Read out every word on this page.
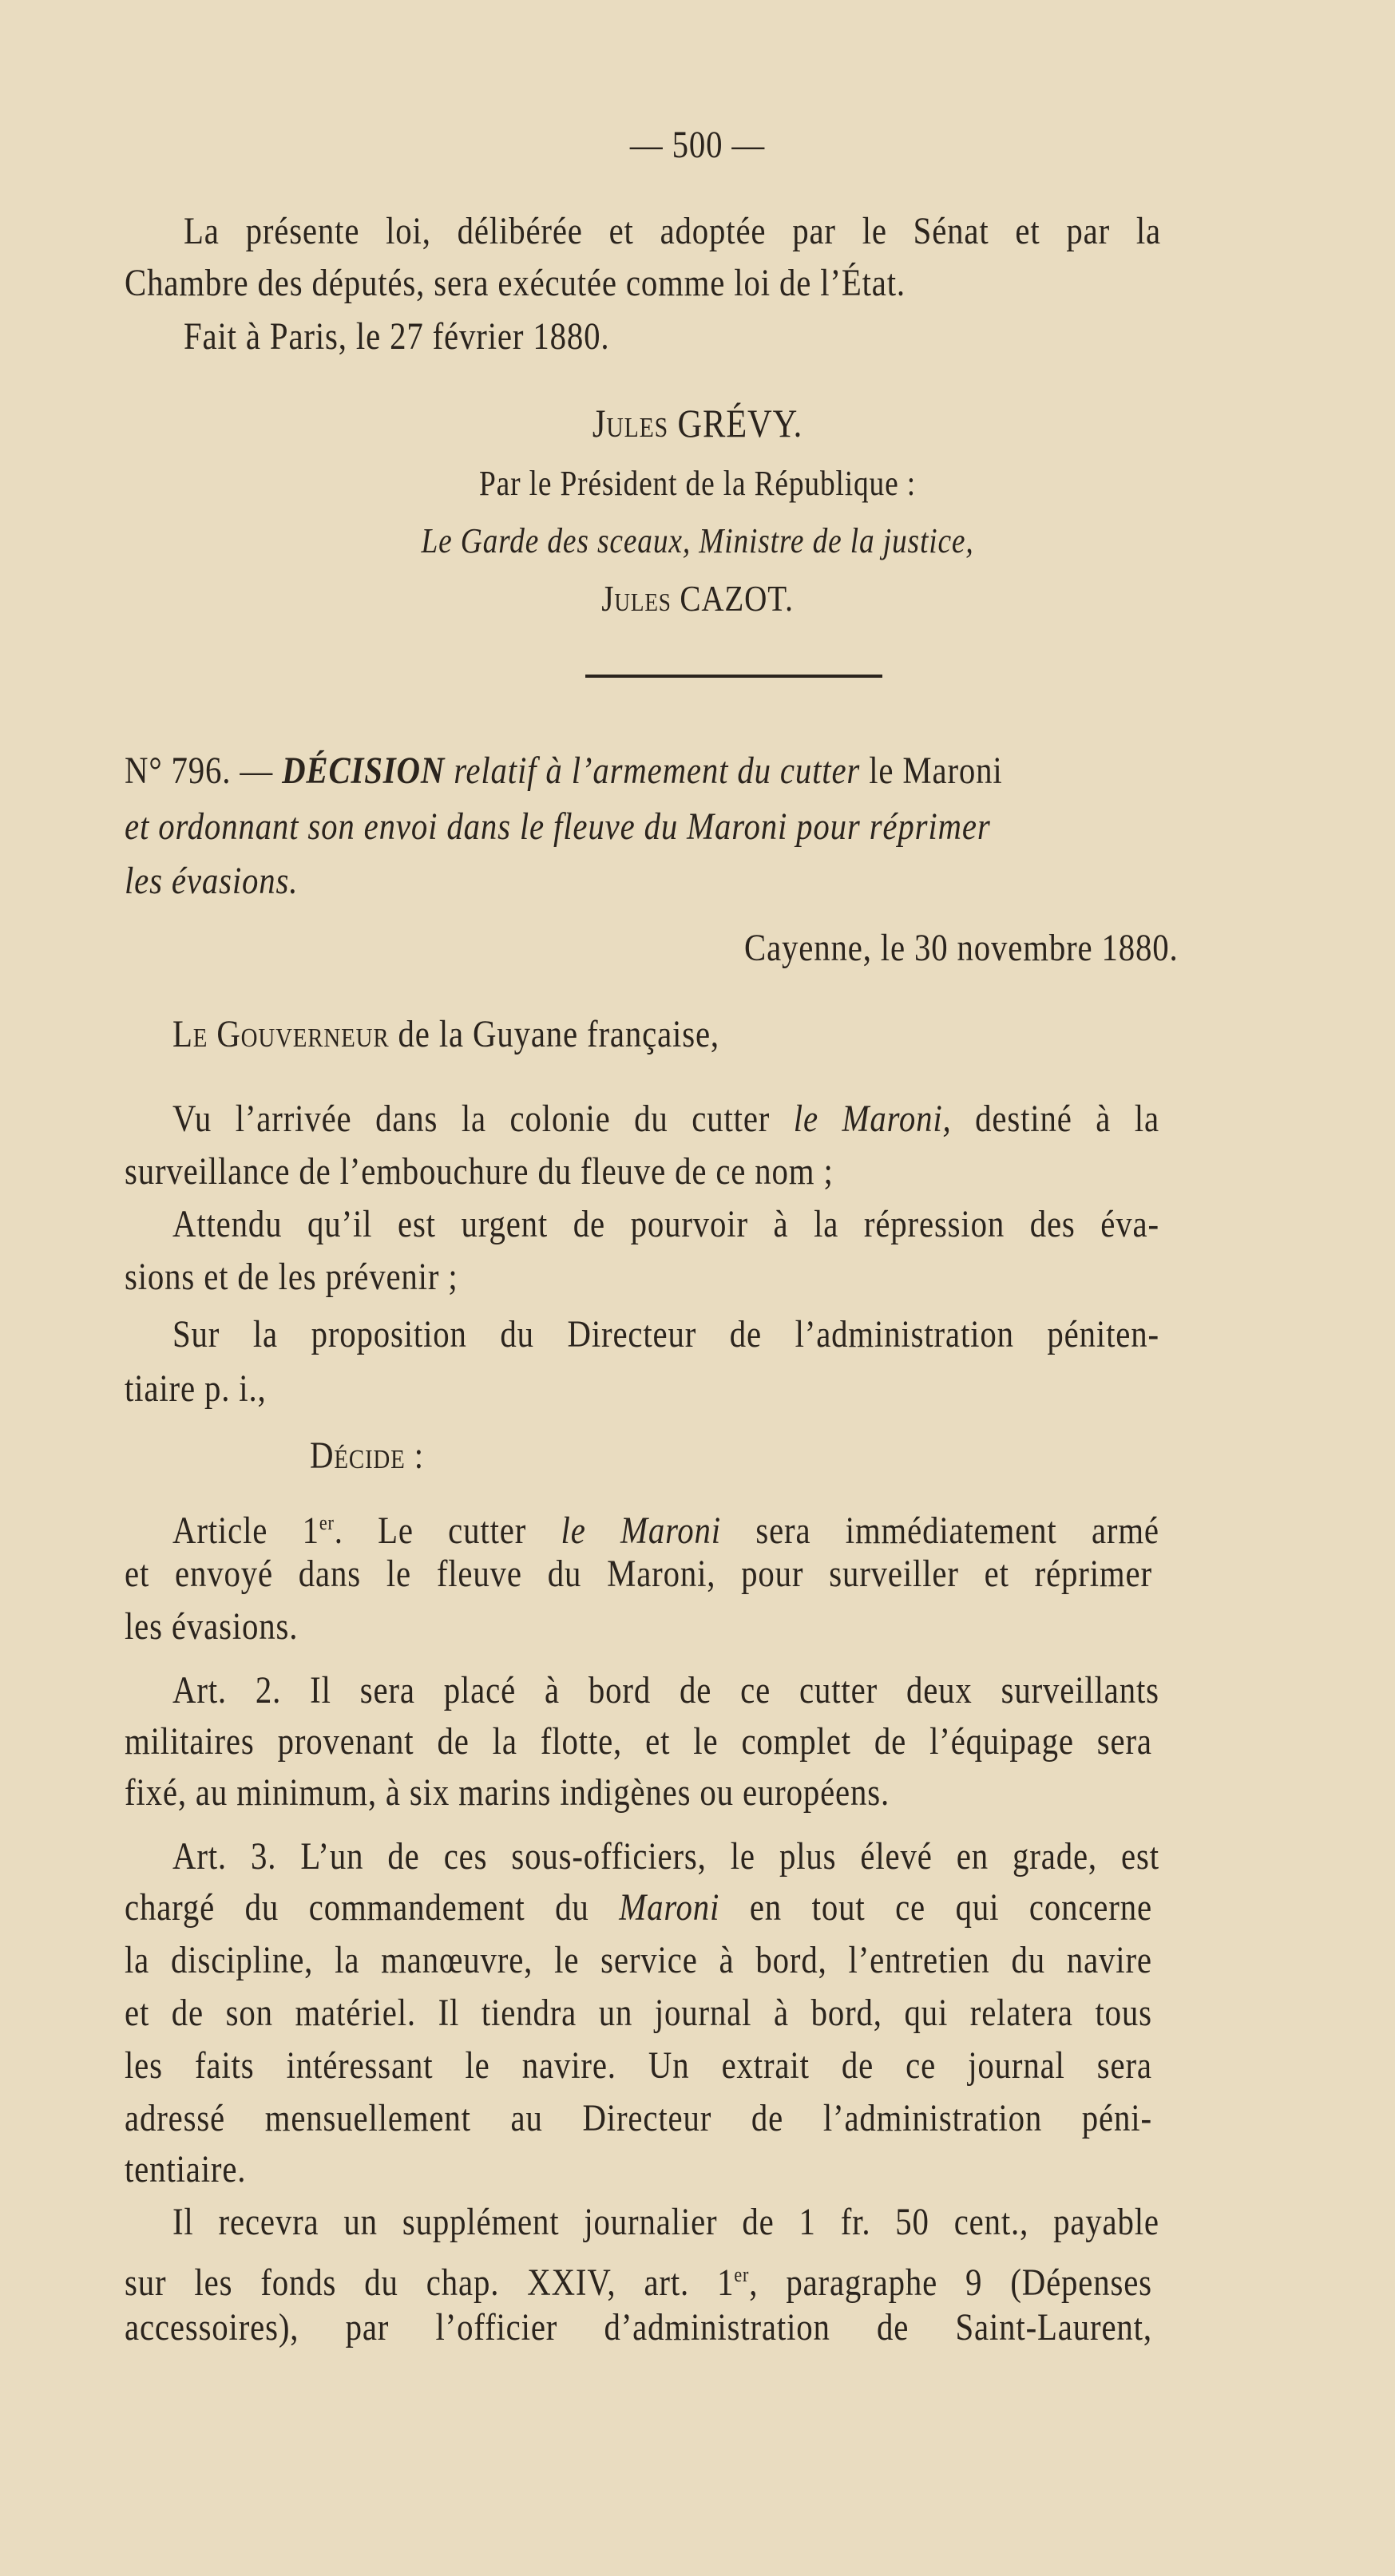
— 500 —
La présente loi, délibérée et adoptée par le Sénat et par la
Chambre des députés, sera exécutée comme loi de l’État.
Fait à Paris, le 27 février 1880.
Jules GRÉVY.
Par le Président de la République :
Le Garde des sceaux, Ministre de la justice,
Jules CAZOT.
N° 796. — DÉCISION relatif à l’armement du cutter le Maroni
et ordonnant son envoi dans le fleuve du Maroni pour réprimer
les évasions.
Cayenne, le 30 novembre 1880.
Le Gouverneur de la Guyane française,
Vu l’arrivée dans la colonie du cutter le Maroni, destiné à la
surveillance de l’embouchure du fleuve de ce nom ;
Attendu qu’il est urgent de pourvoir à la répression des éva-
sions et de les prévenir ;
Sur la proposition du Directeur de l’administration péniten-
tiaire p. i.,
Décide :
Article 1er. Le cutter le Maroni sera immédiatement armé
et envoyé dans le fleuve du Maroni, pour surveiller et réprimer
les évasions.
Art. 2. Il sera placé à bord de ce cutter deux surveillants
militaires provenant de la flotte, et le complet de l’équipage sera
fixé, au minimum, à six marins indigènes ou européens.
Art. 3. L’un de ces sous-officiers, le plus élevé en grade, est
chargé du commandement du Maroni en tout ce qui concerne
la discipline, la manœuvre, le service à bord, l’entretien du navire
et de son matériel. Il tiendra un journal à bord, qui relatera tous
les faits intéressant le navire. Un extrait de ce journal sera
adressé mensuellement au Directeur de l’administration péni-
tentiaire.
Il recevra un supplément journalier de 1 fr. 50 cent., payable
sur les fonds du chap. XXIV, art. 1er, paragraphe 9 (Dépenses
accessoires), par l’officier d’administration de Saint-Laurent,
